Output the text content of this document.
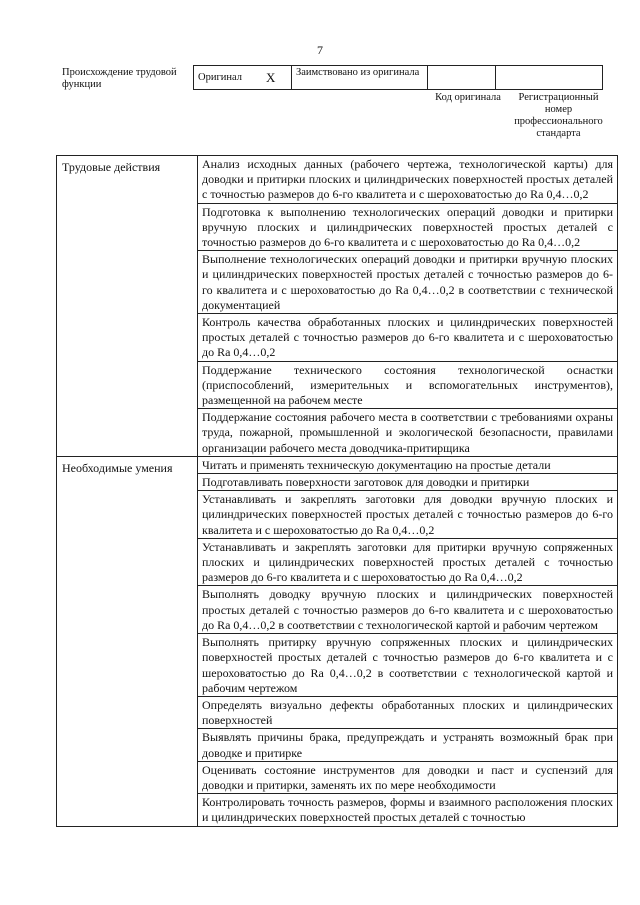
7
Происхождение трудовой функции
Оригинал X	Заимствовано из оригинала		
Код оригинала	Регистрационный номер профессионального стандарта
Трудовые действия	Анализ исходных данных (рабочего чертежа, технологической карты) для доводки и притирки плоских и цилиндрических поверхностей простых деталей с точностью размеров до 6-го квалитета и с шероховатостью до Ra 0,4…0,2
	Подготовка к выполнению технологических операций доводки и притирки вручную плоских и цилиндрических поверхностей простых деталей с точностью размеров до 6-го квалитета и с шероховатостью до Ra 0,4…0,2
	Выполнение технологических операций доводки и притирки вручную плоских и цилиндрических поверхностей простых деталей с точностью размеров до 6-го квалитета и с шероховатостью до Ra 0,4…0,2 в соответствии с технической документацией
	Контроль качества обработанных плоских и цилиндрических поверхностей простых деталей с точностью размеров до 6-го квалитета и с шероховатостью до Ra 0,4…0,2
	Поддержание технического состояния технологической оснастки (приспособлений, измерительных и вспомогательных инструментов), размещенной на рабочем месте
	Поддержание состояния рабочего места в соответствии с требованиями охраны труда, пожарной, промышленной и экологической безопасности, правилами организации рабочего места доводчика-притирщика
Необходимые умения	Читать и применять техническую документацию на простые детали
	Подготавливать поверхности заготовок для доводки и притирки
	Устанавливать и закреплять заготовки для доводки вручную плоских и цилиндрических поверхностей простых деталей с точностью размеров до 6-го квалитета и с шероховатостью до Ra 0,4…0,2
	Устанавливать и закреплять заготовки для притирки вручную сопряженных плоских и цилиндрических поверхностей простых деталей с точностью размеров до 6-го квалитета и с шероховатостью до Ra 0,4…0,2
	Выполнять доводку вручную плоских и цилиндрических поверхностей простых деталей с точностью размеров до 6-го квалитета и с шероховатостью до Ra 0,4…0,2 в соответствии с технологической картой и рабочим чертежом
	Выполнять притирку вручную сопряженных плоских и цилиндрических поверхностей простых деталей с точностью размеров до 6-го квалитета и с шероховатостью до Ra 0,4…0,2 в соответствии с технологической картой и рабочим чертежом
	Определять визуально дефекты обработанных плоских и цилиндрических поверхностей
	Выявлять причины брака, предупреждать и устранять возможный брак при доводке и притирке
	Оценивать состояние инструментов для доводки и паст и суспензий для доводки и притирки, заменять их по мере необходимости
	Контролировать точность размеров, формы и взаимного расположения плоских и цилиндрических поверхностей простых деталей с точностью
